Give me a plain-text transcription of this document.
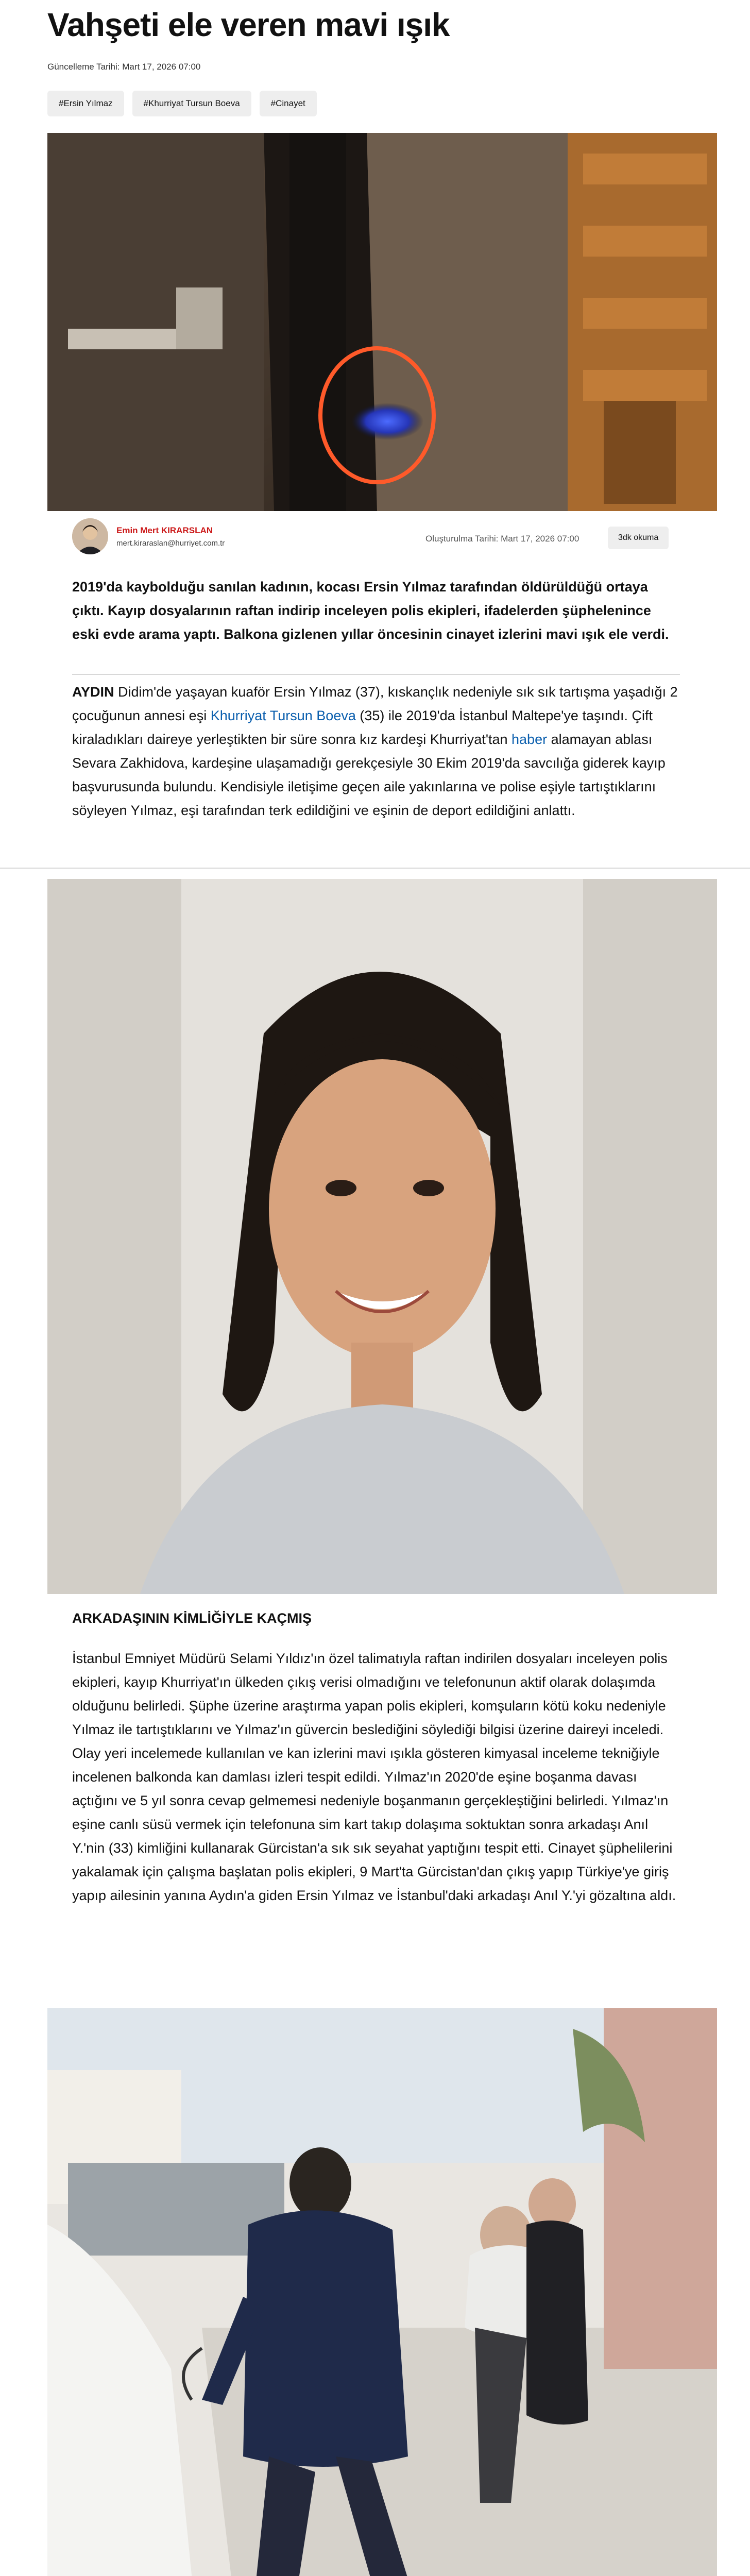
Vahşeti ele veren mavi ışık
Güncelleme Tarihi: Mart 17, 2026 07:00
#Ersin Yılmaz	#Khurriyat Tursun Boeva	#Cinayet
Emin Mert KIRARSLAN
mert.kiraraslan@hurriyet.com.tr	Oluşturulma Tarihi: Mart 17, 2026 07:00	3dk okuma
2019'da kaybolduğu sanılan kadının, kocası Ersin Yılmaz tarafından öldürüldüğü ortaya çıktı. Kayıp dosyalarının raftan indirip inceleyen polis ekipleri, ifadelerden şüphelenince eski evde arama yaptı. Balkona gizlenen yıllar öncesinin cinayet izlerini mavi ışık ele verdi.

AYDIN Didim'de yaşayan kuaför Ersin Yılmaz (37), kıskançlık nedeniyle sık sık tartışma yaşadığı 2 çocuğunun annesi eşi Khurriyat Tursun Boeva (35) ile 2019'da İstanbul Maltepe'ye taşındı. Çift kiraladıkları daireye yerleştikten bir süre sonra kız kardeşi Khurriyat'tan haber alamayan ablası Sevara Zakhidova, kardeşine ulaşamadığı gerekçesiyle 30 Ekim 2019'da savcılığa giderek kayıp başvurusunda bulundu. Kendisiyle iletişime geçen aile yakınlarına ve polise eşiyle tartıştıklarını söyleyen Yılmaz, eşi tarafından terk edildiğini ve eşinin de deport edildiğini anlattı.

ARKADAŞININ KİMLİĞİYLE KAÇMIŞ

İstanbul Emniyet Müdürü Selami Yıldız'ın özel talimatıyla raftan indirilen dosyaları inceleyen polis ekipleri, kayıp Khurriyat'ın ülkeden çıkış verisi olmadığını ve telefonunun aktif olarak dolaşımda olduğunu belirledi. Şüphe üzerine araştırma yapan polis ekipleri, komşuların kötü koku nedeniyle Yılmaz ile tartıştıklarını ve Yılmaz'ın güvercin beslediğini söylediği bilgisi üzerine daireyi inceledi. Olay yeri incelemede kullanılan ve kan izlerini mavi ışıkla gösteren kimyasal inceleme tekniğiyle incelenen balkonda kan damlası izleri tespit edildi. Yılmaz'ın 2020'de eşine boşanma davası açtığını ve 5 yıl sonra cevap gelmemesi nedeniyle boşanmanın gerçekleştiğini belirledi. Yılmaz'ın eşine canlı süsü vermek için telefonuna sim kart takıp dolaşıma soktuktan sonra arkadaşı Anıl Y.'nin (33) kimliğini kullanarak Gürcistan'a sık sık seyahat yaptığını tespit etti. Cinayet şüphelilerini yakalamak için çalışma başlatan polis ekipleri, 9 Mart'ta Gürcistan'dan çıkış yapıp Türkiye'ye giriş yapıp ailesinin yanına Aydın'a giden Ersin Yılmaz ve İstanbul'daki arkadaşı Anıl Y.'yi gözaltına aldı.
